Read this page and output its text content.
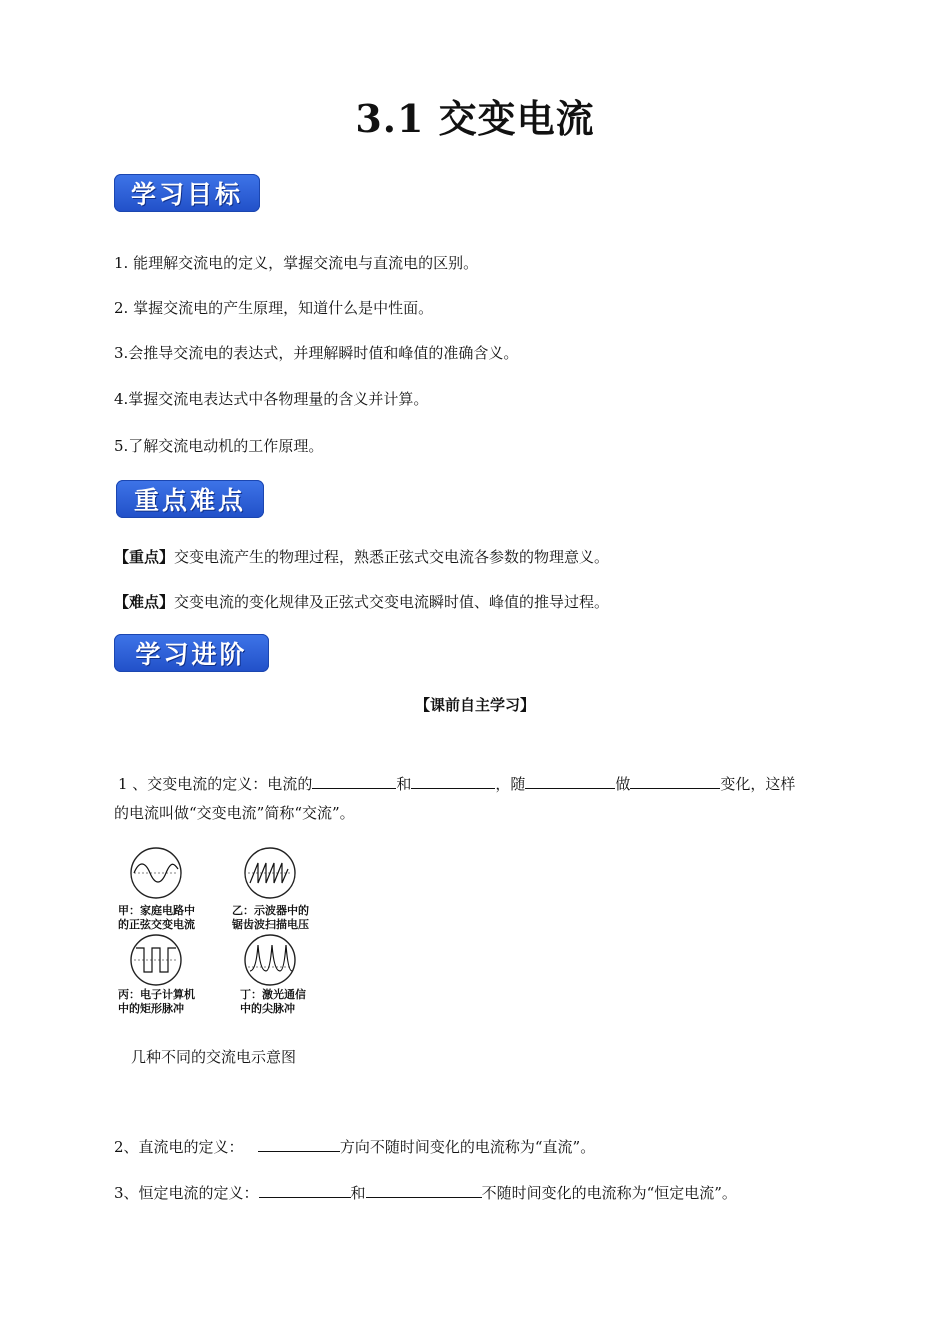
3.1 交变电流
学习目标
1. 能理解交流电的定义，掌握交流电与直流电的区别。
2. 掌握交流电的产生原理，知道什么是中性面。
3.会推导交流电的表达式，并理解瞬时值和峰值的准确含义。
4.掌握交流电表达式中各物理量的含义并计算。
5.了解交流电动机的工作原理。
重点难点
【重点】交变电流产生的物理过程，熟悉正弦式交电流各参数的物理意义。
【难点】交变电流的变化规律及正弦式交变电流瞬时值、峰值的推导过程。
学习进阶
【课前自主学习】
1 、交变电流的定义：电流的	和	，随	做	变化，这样
的电流叫做“交变电流”简称“交流”。
甲：家庭电路中
的正弦交变电流
乙：示波器中的
锯齿波扫描电压
丙：电子计算机
中的矩形脉冲
丁：激光通信
中的尖脉冲
几种不同的交流电示意图
2、直流电的定义：	方向不随时间变化的电流称为“直流”。
3、恒定电流的定义：	和	不随时间变化的电流称为“恒定电流”。
